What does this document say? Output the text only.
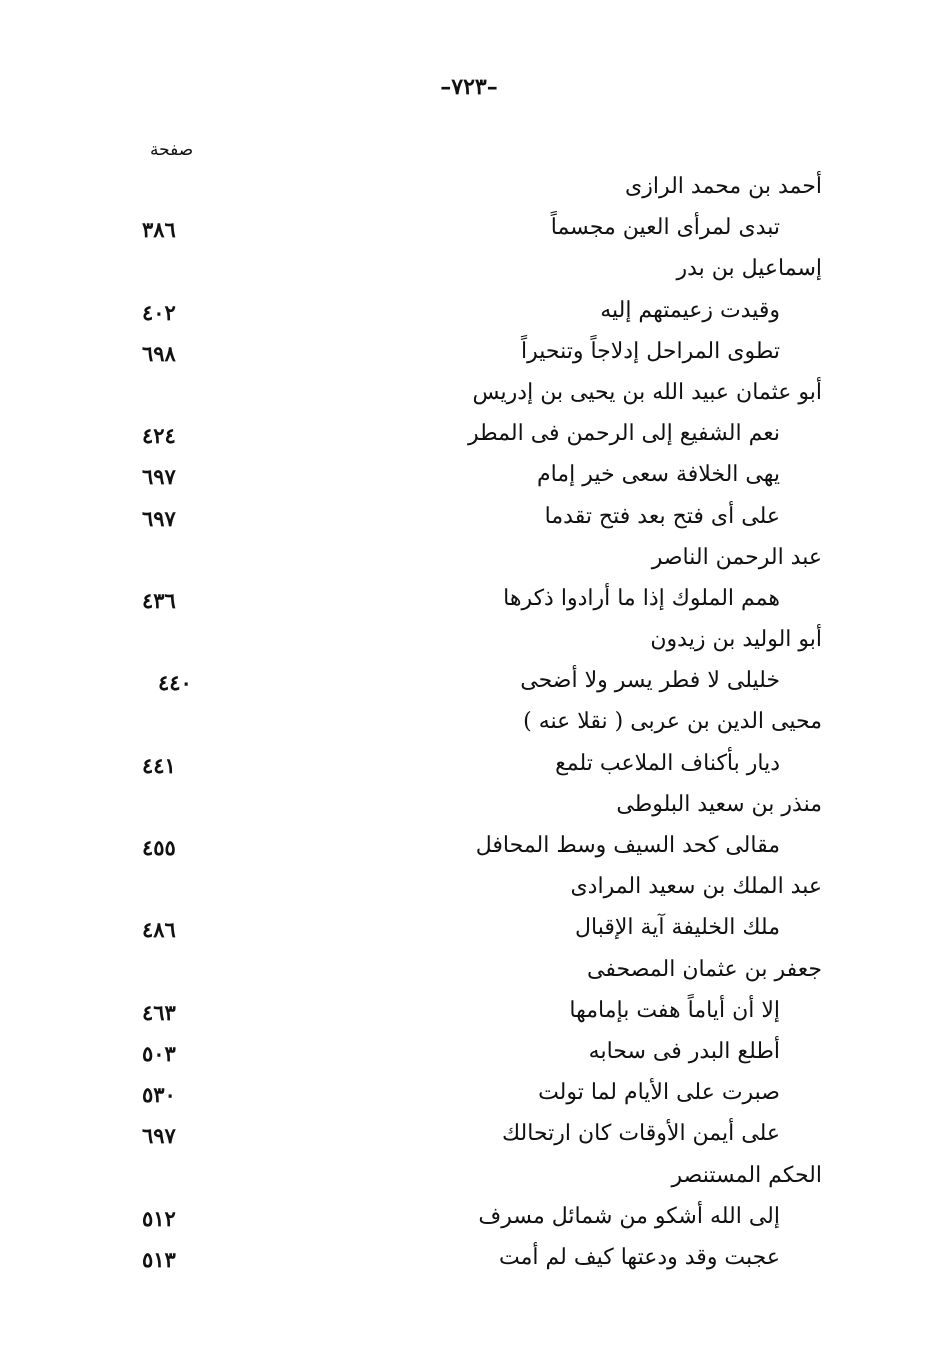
–٧٢٣–
صفحة
أحمد بن محمد الرازى
تبدى لمرأى العين مجسماً
٣٨٦
إسماعيل بن بدر
وقيدت زعيمتهم إليه
٤٠٢
تطوى المراحل إدلاجاً وتنحيراً
٦٩٨
أبو عثمان عبيد الله بن يحيى بن إدريس
نعم الشفيع إلى الرحمن فى المطر
٤٢٤
يهى الخلافة سعى خير إمام
٦٩٧
على أى فتح بعد فتح تقدما
٦٩٧
عبد الرحمن الناصر
همم الملوك إذا ما أرادوا ذكرها
٤٣٦
أبو الوليد بن زيدون
خليلى لا فطر يسر ولا أضحى
٤٤٠
محيى الدين بن عربى ( نقلا عنه )
ديار بأكناف الملاعب تلمع
٤٤١
منذر بن سعيد البلوطى
مقالى كحد السيف وسط المحافل
٤٥٥
عبد الملك بن سعيد المرادى
ملك الخليفة آية الإقبال
٤٨٦
جعفر بن عثمان المصحفى
إلا أن أياماً هفت بإمامها
٤٦٣
أطلع البدر فى سحابه
٥٠٣
صبرت على الأيام لما تولت
٥٣٠
على أيمن الأوقات كان ارتحالك
٦٩٧
الحكم المستنصر
إلى الله أشكو من شمائل مسرف
٥١٢
عجبت وقد ودعتها كيف لم أمت
٥١٣
